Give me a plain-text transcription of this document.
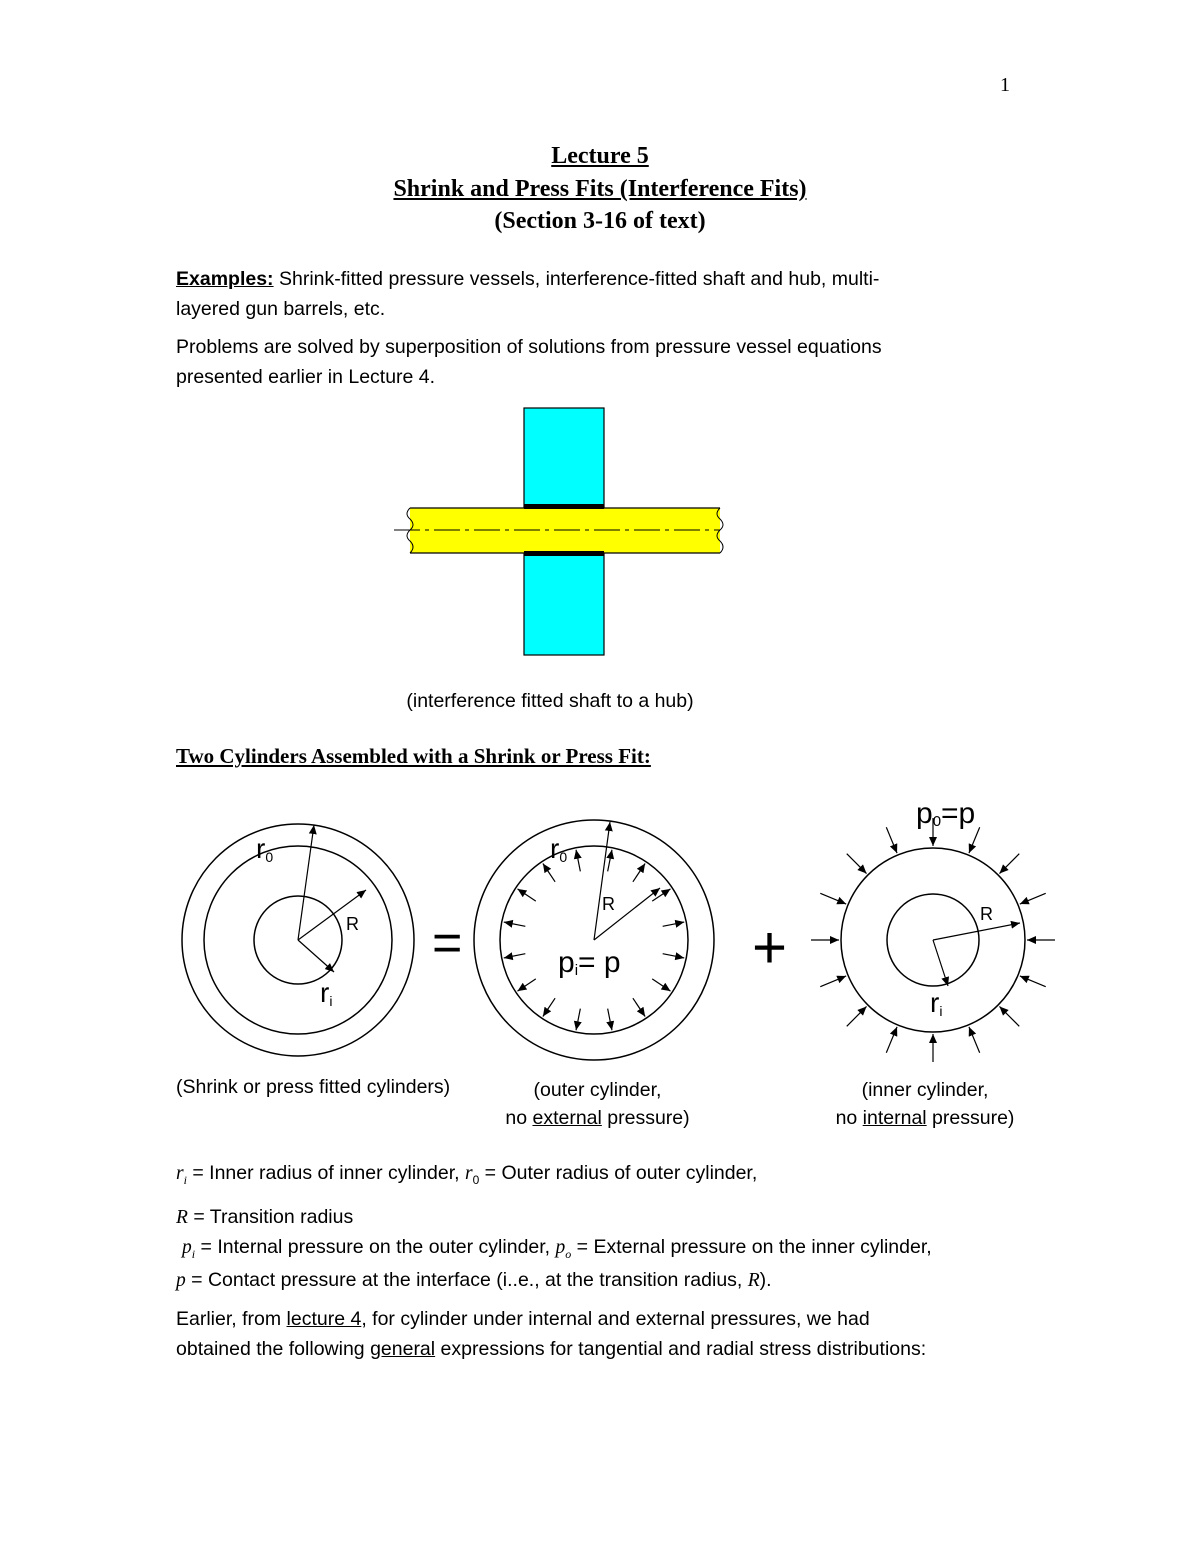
1
Lecture 5
Shrink and Press Fits (Interference Fits)
(Section 3-16 of text)
Examples: Shrink-fitted pressure vessels, interference-fitted shaft and hub, multi-
layered gun barrels, etc.
Problems are solved by superposition of solutions from pressure vessel equations
presented earlier in Lecture 4.
(interference fitted shaft to a hub)
Two Cylinders Assembled with a Shrink or Press Fit:
r0
R
ri
=
r0
R
pi= p +	R
ri
p0=p
(Shrink or press fitted cylinders)	(outer cylinder,
no external pressure)
(inner cylinder,
no internal pressure)
$r_i$ = Inner radius of inner cylinder, $r_0$ = Outer radius of outer cylinder,
R = Transition radius
$p_i$ = Internal pressure on the outer cylinder, $p_o$ = External pressure on the inner cylinder,
p = Contact pressure at the interface (i..e., at the transition radius, R).
Earlier, from lecture 4, for cylinder under internal and external pressures, we had
obtained the following general expressions for tangential and radial stress distributions:
